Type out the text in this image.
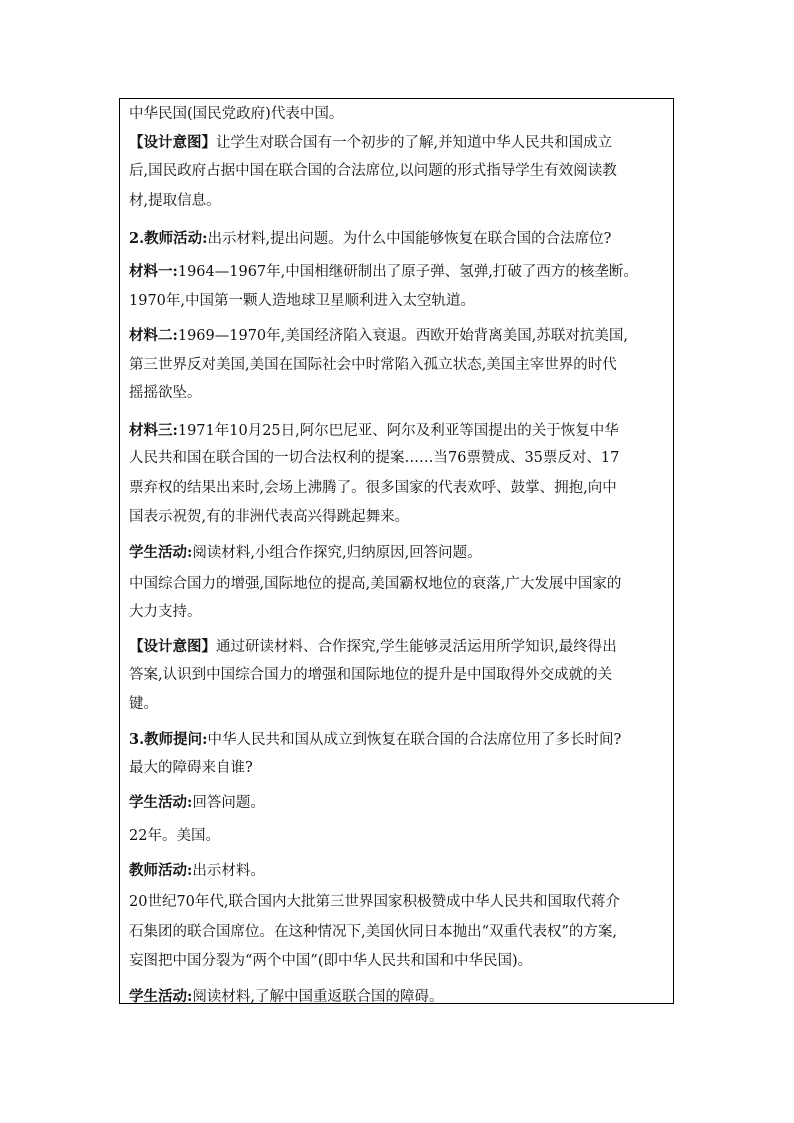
中华民国(国民党政府)代表中国。
【设计意图】让学生对联合国有一个初步的了解,并知道中华人民共和国成立
后,国民政府占据中国在联合国的合法席位,以问题的形式指导学生有效阅读教
材,提取信息。
2.教师活动:出示材料,提出问题。为什么中国能够恢复在联合国的合法席位?
材料一:1964—1967年,中国相继研制出了原子弹、氢弹,打破了西方的核垄断。
1970年,中国第一颗人造地球卫星顺利进入太空轨道。
材料二:1969—1970年,美国经济陷入衰退。西欧开始背离美国,苏联对抗美国,
第三世界反对美国,美国在国际社会中时常陷入孤立状态,美国主宰世界的时代
摇摇欲坠。
材料三:1971年10月25日,阿尔巴尼亚、阿尔及利亚等国提出的关于恢复中华
人民共和国在联合国的一切合法权利的提案……当76票赞成、35票反对、17
票弃权的结果出来时,会场上沸腾了。很多国家的代表欢呼、鼓掌、拥抱,向中
国表示祝贺,有的非洲代表高兴得跳起舞来。
学生活动:阅读材料,小组合作探究,归纳原因,回答问题。
中国综合国力的增强,国际地位的提高,美国霸权地位的衰落,广大发展中国家的
大力支持。
【设计意图】通过研读材料、合作探究,学生能够灵活运用所学知识,最终得出
答案,认识到中国综合国力的增强和国际地位的提升是中国取得外交成就的关
键。
3.教师提问:中华人民共和国从成立到恢复在联合国的合法席位用了多长时间?
最大的障碍来自谁?
学生活动:回答问题。
22年。美国。
教师活动:出示材料。
20世纪70年代,联合国内大批第三世界国家积极赞成中华人民共和国取代蒋介
石集团的联合国席位。在这种情况下,美国伙同日本抛出“双重代表权”的方案,
妄图把中国分裂为“两个中国”(即中华人民共和国和中华民国)。
学生活动:阅读材料,了解中国重返联合国的障碍。
